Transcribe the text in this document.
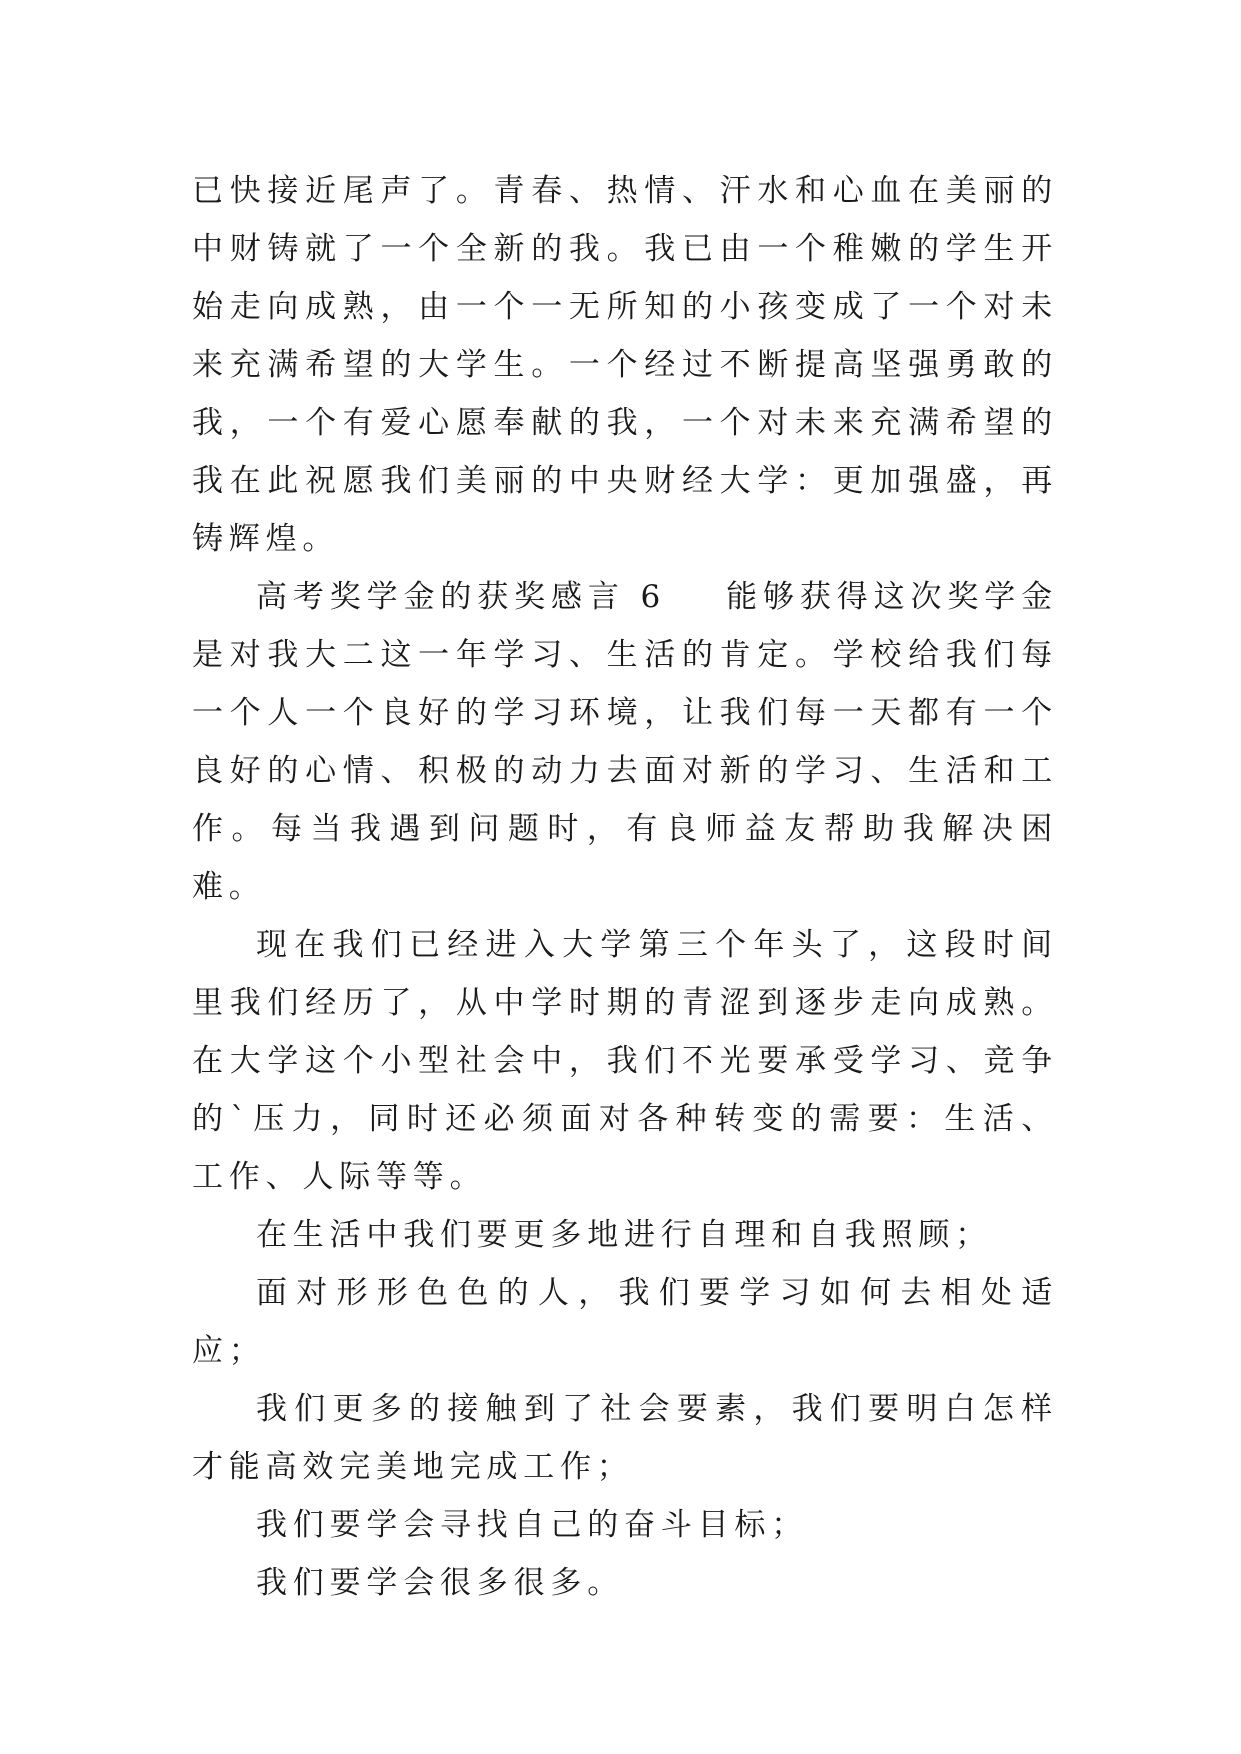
已快接近尾声了。青春、热情、汗水和心血在美丽的中财铸就了一个全新的我。我已由一个稚嫩的学生开始走向成熟，由一个一无所知的小孩变成了一个对未来充满希望的大学生。一个经过不断提高坚强勇敢的我，一个有爱心愿奉献的我，一个对未来充满希望的我在此祝愿我们美丽的中央财经大学：更加强盛，再铸辉煌。

高考奖学金的获奖感言 6 能够获得这次奖学金是对我大二这一年学习、生活的肯定。学校给我们每一个人一个良好的学习环境，让我们每一天都有一个良好的心情、积极的动力去面对新的学习、生活和工作。每当我遇到问题时，有良师益友帮助我解决困难。

现在我们已经进入大学第三个年头了，这段时间里我们经历了，从中学时期的青涩到逐步走向成熟。在大学这个小型社会中，我们不光要承受学习、竞争的`压力，同时还必须面对各种转变的需要：生活、工作、人际等等。

在生活中我们要更多地进行自理和自我照顾；

面对形形色色的人，我们要学习如何去相处适应；

我们更多的接触到了社会要素，我们要明白怎样才能高效完美地完成工作；

我们要学会寻找自己的奋斗目标；

我们要学会很多很多。
